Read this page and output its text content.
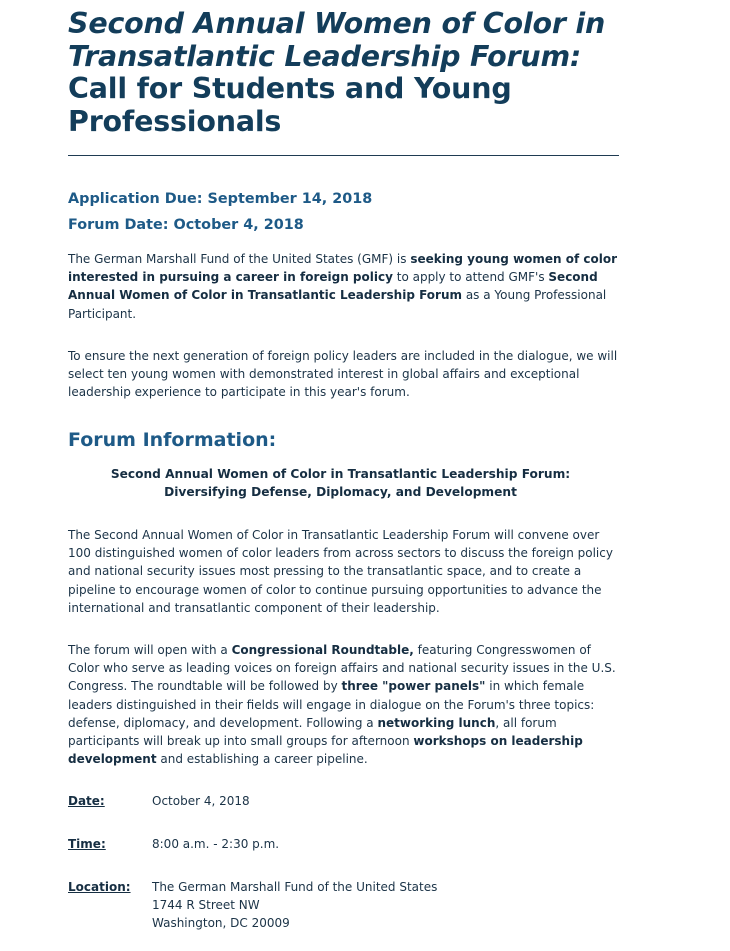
Second Annual Women of Color in Transatlantic Leadership Forum: Call for Students and Young Professionals
Application Due: September 14, 2018
Forum Date: October 4, 2018
The German Marshall Fund of the United States (GMF) is seeking young women of color interested in pursuing a career in foreign policy to apply to attend GMF's Second Annual Women of Color in Transatlantic Leadership Forum as a Young Professional Participant.
To ensure the next generation of foreign policy leaders are included in the dialogue, we will select ten young women with demonstrated interest in global affairs and exceptional leadership experience to participate in this year's forum.
Forum Information:
Second Annual Women of Color in Transatlantic Leadership Forum:
Diversifying Defense, Diplomacy, and Development
The Second Annual Women of Color in Transatlantic Leadership Forum will convene over 100 distinguished women of color leaders from across sectors to discuss the foreign policy and national security issues most pressing to the transatlantic space, and to create a pipeline to encourage women of color to continue pursuing opportunities to advance the international and transatlantic component of their leadership.
The forum will open with a Congressional Roundtable, featuring Congresswomen of Color who serve as leading voices on foreign affairs and national security issues in the U.S. Congress. The roundtable will be followed by three "power panels" in which female leaders distinguished in their fields will engage in dialogue on the Forum's three topics: defense, diplomacy, and development. Following a networking lunch, all forum participants will break up into small groups for afternoon workshops on leadership development and establishing a career pipeline.
Date:	October 4, 2018
Time:	8:00 a.m. - 2:30 p.m.
Location: The German Marshall Fund of the United States
1744 R Street NW
Washington, DC 20009
